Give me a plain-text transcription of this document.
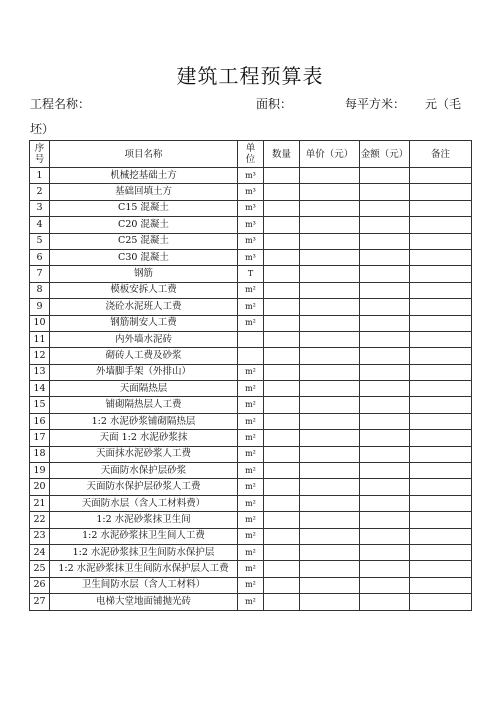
建筑工程预算表
工程名称：	面积：	每平方米： 元（毛
坯）
序号	项目名称	单位	数量	单价（元）	金额（元）	备注
1	机械挖基础土方	m³				
2	基础回填土方	m³				
3	C15 混凝土	m³				
4	C20 混凝土	m³				
5	C25 混凝土	m³				
6	C30 混凝土	m³				
7	钢筋	T				
8	模板安拆人工费	m²				
9	浇砼水泥班人工费	m²				
10	钢筋制安人工费	m²				
11	内外墙水泥砖					
12	砌砖人工费及砂浆					
13	外墙脚手架（外排山）	m²				
14	天面隔热层	m²				
15	铺砌隔热层人工费	m²				
16	1:2 水泥砂浆铺砌隔热层	m²				
17	天面 1:2 水泥砂浆抹	m²				
18	天面抹水泥砂浆人工费	m²				
19	天面防水保护层砂浆	m²				
20	天面防水保护层砂浆人工费	m²				
21	天面防水层（含人工材料费）	m²				
22	1:2 水泥砂浆抹卫生间	m²				
23	1:2 水泥砂浆抹卫生间人工费	m²				
24	1:2 水泥砂浆抹卫生间防水保护层	m²				
25	1:2 水泥砂浆抹卫生间防水保护层人工费	m²				
26	卫生间防水层（含人工材料）	m²				
27	电梯大堂地面铺抛光砖	m²				
